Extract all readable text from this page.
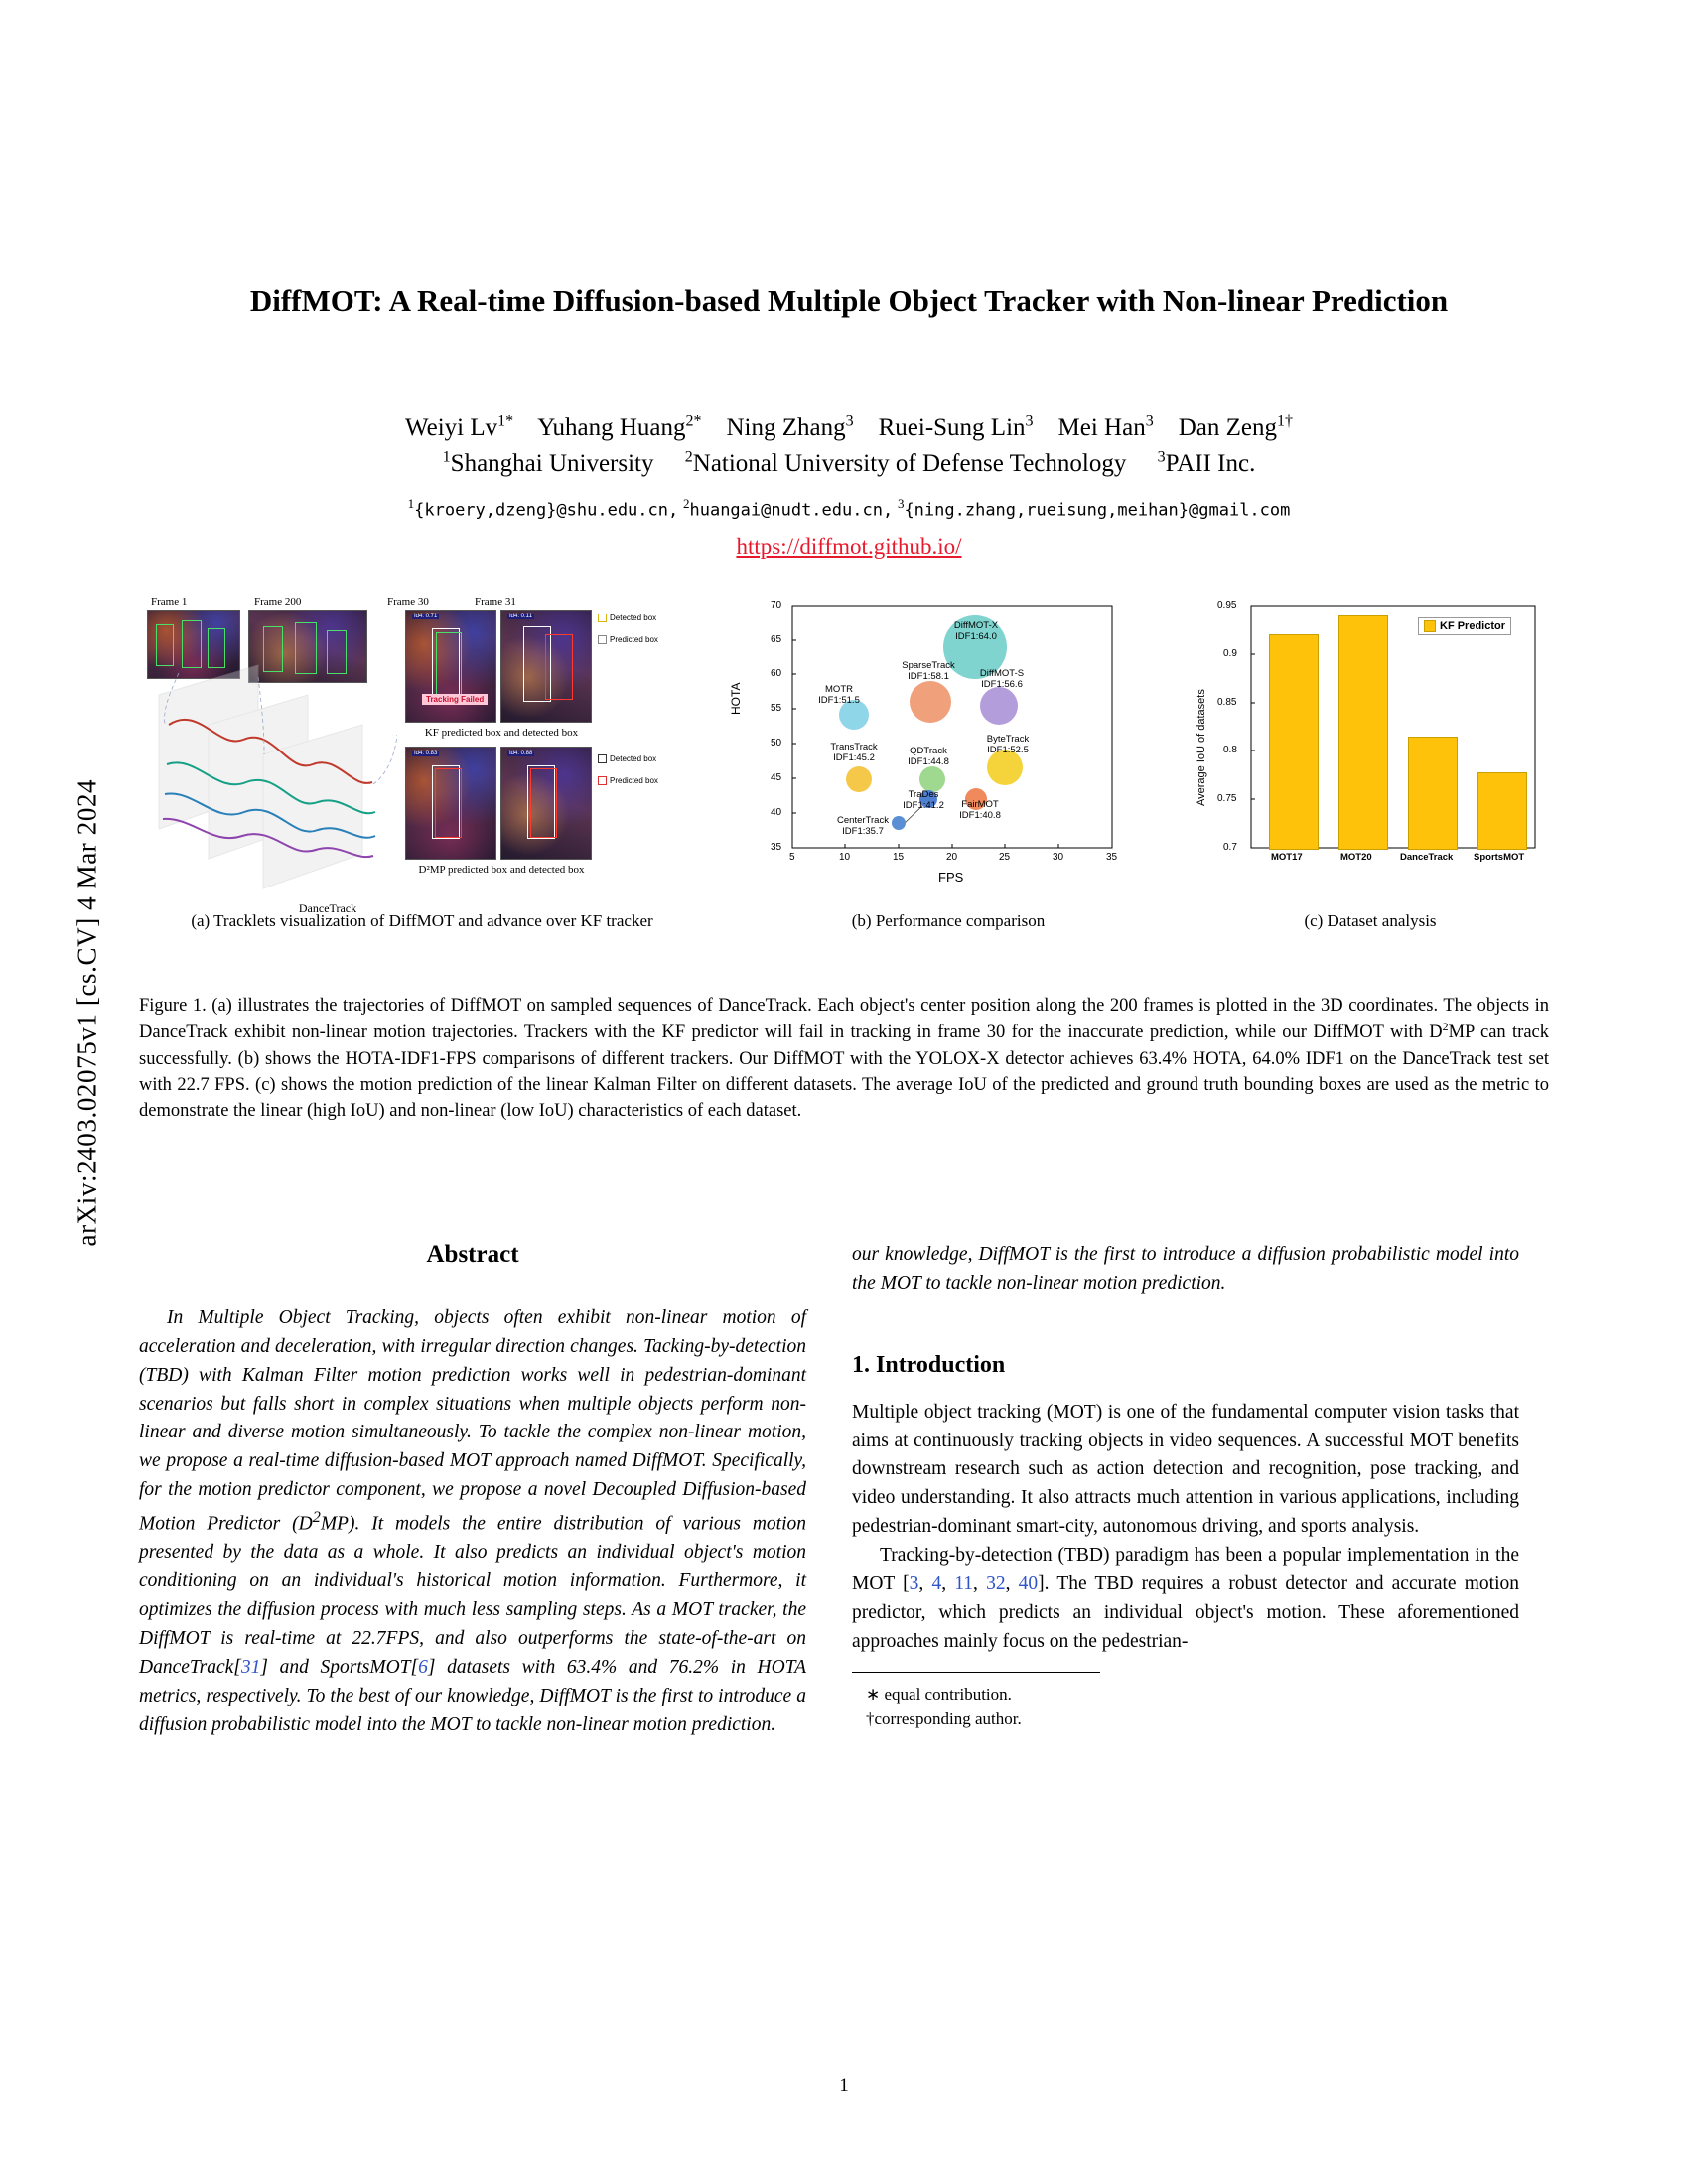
arXiv:2403.02075v1 [cs.CV] 4 Mar 2024
DiffMOT: A Real-time Diffusion-based Multiple Object Tracker with Non-linear Prediction
Weiyi $Lv^{1*}$ Yuhang Huang$^{2*}$ Ning Zhang$^3$ Ruei-Sung Lin$^3$ Mei Han$^3$ Dan Zeng$^{1\dagger}$
$^1$Shanghai University $^2$National University of Defense Technology $^3$PAII Inc.
$^1${kroery,dzeng}@shu.edu.cn, $^2$huangai@nudt.edu.cn, $^3${ning.zhang,rueisung,meihan}@gmail.com
https://diffmot.github.io/
Frame 1	Frame 200	Frame 30	Frame 31
DanceTrack
Id4: 0.71
Tracking Failed
Id4: 0.11	Detected box
Predicted box
KF predicted box and detected box
Id4: 0.83	Id4: 0.88
Detected box
Predicted box
D²MP predicted box and detected box
(a) Tracklets visualization of DiffMOT and advance over KF tracker
70
65
60
55
50
45
40
35
5	10	15	20	25	30	35
HOTA
FPS
DiffMOT-X
IDF1:64.0
DiffMOT-S
IDF1:56.6
SparseTrack
IDF1:58.1
MOTR
IDF1:51.5
ByteTrack
IDF1:52.5
QDTrack
IDF1:44.8
TransTrack
IDF1:45.2
TraDes
IDF1:41.2	FairMOT
IDF1:40.8
CenterTrack
IDF1:35.7
(b) Performance comparison
0.95
0.9
0.85
0.8
0.75
0.7
Average IoU of datasets
MOT17	MOT20	DanceTrack SportsMOT
KF Predictor
(c) Dataset analysis
Figure 1. (a) illustrates the trajectories of DiffMOT on sampled sequences of DanceTrack. Each object's center position along the 200 frames is plotted in the 3D coordinates. The objects in DanceTrack exhibit non-linear motion trajectories. Trackers with the KF predictor will fail in tracking in frame 30 for the inaccurate prediction, while our DiffMOT with $D^2MP$ can track successfully. (b) shows the HOTA-IDF1-FPS comparisons of different trackers. Our DiffMOT with the YOLOX-X detector achieves 63.4% HOTA, 64.0% IDF1 on the DanceTrack test set with 22.7 FPS. (c) shows the motion prediction of the linear Kalman Filter on different datasets. The average IoU of the predicted and ground truth bounding boxes are used as the metric to demonstrate the linear (high IoU) and non-linear (low IoU) characteristics of each dataset.
Abstract

In Multiple Object Tracking, objects often exhibit non-linear motion of acceleration and deceleration, with irregular direction changes. Tacking-by-detection (TBD) with Kalman Filter motion prediction works well in pedestrian-dominant scenarios but falls short in complex situations when multiple objects perform non-linear and diverse motion simultaneously. To tackle the complex non-linear motion, we propose a real-time diffusion-based MOT approach named DiffMOT. Specifically, for the motion predictor component, we propose a novel Decoupled Diffusion-based Motion Predictor $(D^2MP)$. It models the entire distribution of various motion presented by the data as a whole. It also predicts an individual object's motion conditioning on an individual's historical motion information. Furthermore, it optimizes the diffusion process with much less sampling steps. As a MOT tracker, the DiffMOT is real-time at 22.7FPS, and also outperforms the state-of-the-art on DanceTrack[31] and SportsMOT[6] datasets with 63.4% and 76.2% in HOTA metrics, respectively. To the best of our knowledge, DiffMOT is the first to introduce a diffusion probabilistic model into the MOT to tackle non-linear motion prediction.

our knowledge, DiffMOT is the first to introduce a diffusion probabilistic model into the MOT to tackle non-linear motion prediction.

1. Introduction

Multiple object tracking (MOT) is one of the fundamental computer vision tasks that aims at continuously tracking objects in video sequences. A successful MOT benefits downstream research such as action detection and recognition, pose tracking, and video understanding. It also attracts much attention in various applications, including pedestrian-dominant smart-city, autonomous driving, and sports analysis.

Tracking-by-detection (TBD) paradigm has been a popular implementation in the MOT [3, 4, 11, 32, 40]. The TBD requires a robust detector and accurate motion predictor, which predicts an individual object's motion. These aforementioned approaches mainly focus on the pedestrian-

∗ equal contribution.
†corresponding author.
1
